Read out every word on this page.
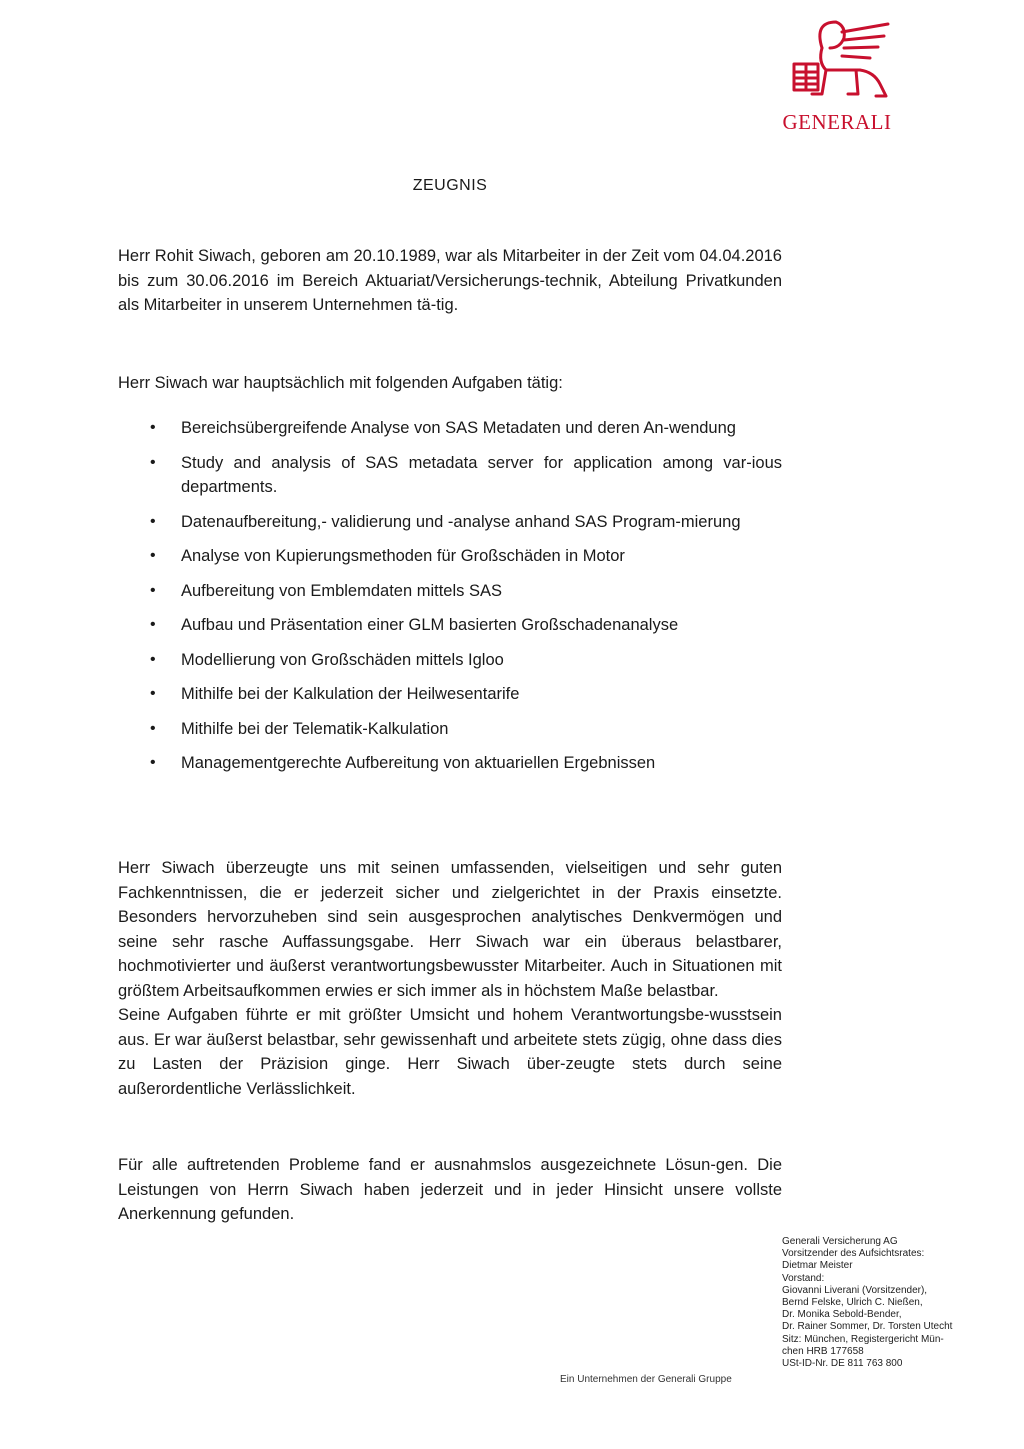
GENERALI
ZEUGNIS
Herr Rohit Siwach, geboren am 20.10.1989, war als Mitarbeiter in der Zeit vom 04.04.2016 bis zum 30.06.2016 im Bereich Aktuariat/Versicherungs-technik, Abteilung Privatkunden als Mitarbeiter in unserem Unternehmen tä-tig.
Herr Siwach war hauptsächlich mit folgenden Aufgaben tätig:
• Bereichsübergreifende Analyse von SAS Metadaten und deren An-wendung
• Study and analysis of SAS metadata server for application among var-ious departments.
• Datenaufbereitung,- validierung und -analyse anhand SAS Program-mierung
• Analyse von Kupierungsmethoden für Großschäden in Motor
• Aufbereitung von Emblemdaten mittels SAS
• Aufbau und Präsentation einer GLM basierten Großschadenanalyse
• Modellierung von Großschäden mittels Igloo
• Mithilfe bei der Kalkulation der Heilwesentarife
• Mithilfe bei der Telematik-Kalkulation
• Managementgerechte Aufbereitung von aktuariellen Ergebnissen
Herr Siwach überzeugte uns mit seinen umfassenden, vielseitigen und sehr guten Fachkenntnissen, die er jederzeit sicher und zielgerichtet in der Praxis einsetzte. Besonders hervorzuheben sind sein ausgesprochen analytisches Denkvermögen und seine sehr rasche Auffassungsgabe. Herr Siwach war ein überaus belastbarer, hochmotivierter und äußerst verantwortungsbewusster Mitarbeiter. Auch in Situationen mit größtem Arbeitsaufkommen erwies er sich immer als in höchstem Maße belastbar.
Seine Aufgaben führte er mit größter Umsicht und hohem Verantwortungsbe-wusstsein aus. Er war äußerst belastbar, sehr gewissenhaft und arbeitete stets zügig, ohne dass dies zu Lasten der Präzision ginge. Herr Siwach über-zeugte stets durch seine außerordentliche Verlässlichkeit.
Für alle auftretenden Probleme fand er ausnahmslos ausgezeichnete Lösun-gen. Die Leistungen von Herrn Siwach haben jederzeit und in jeder Hinsicht unsere vollste Anerkennung gefunden.
Ein Unternehmen der Generali Gruppe
Generali Versicherung AG
Vorsitzender des Aufsichtsrates:
Dietmar Meister
Vorstand:
Giovanni Liverani (Vorsitzender),
Bernd Felske, Ulrich C. Nießen,
Dr. Monika Sebold-Bender,
Dr. Rainer Sommer, Dr. Torsten Utecht
Sitz: München, Registergericht Mün-
chen HRB 177658
USt-ID-Nr. DE 811 763 800
